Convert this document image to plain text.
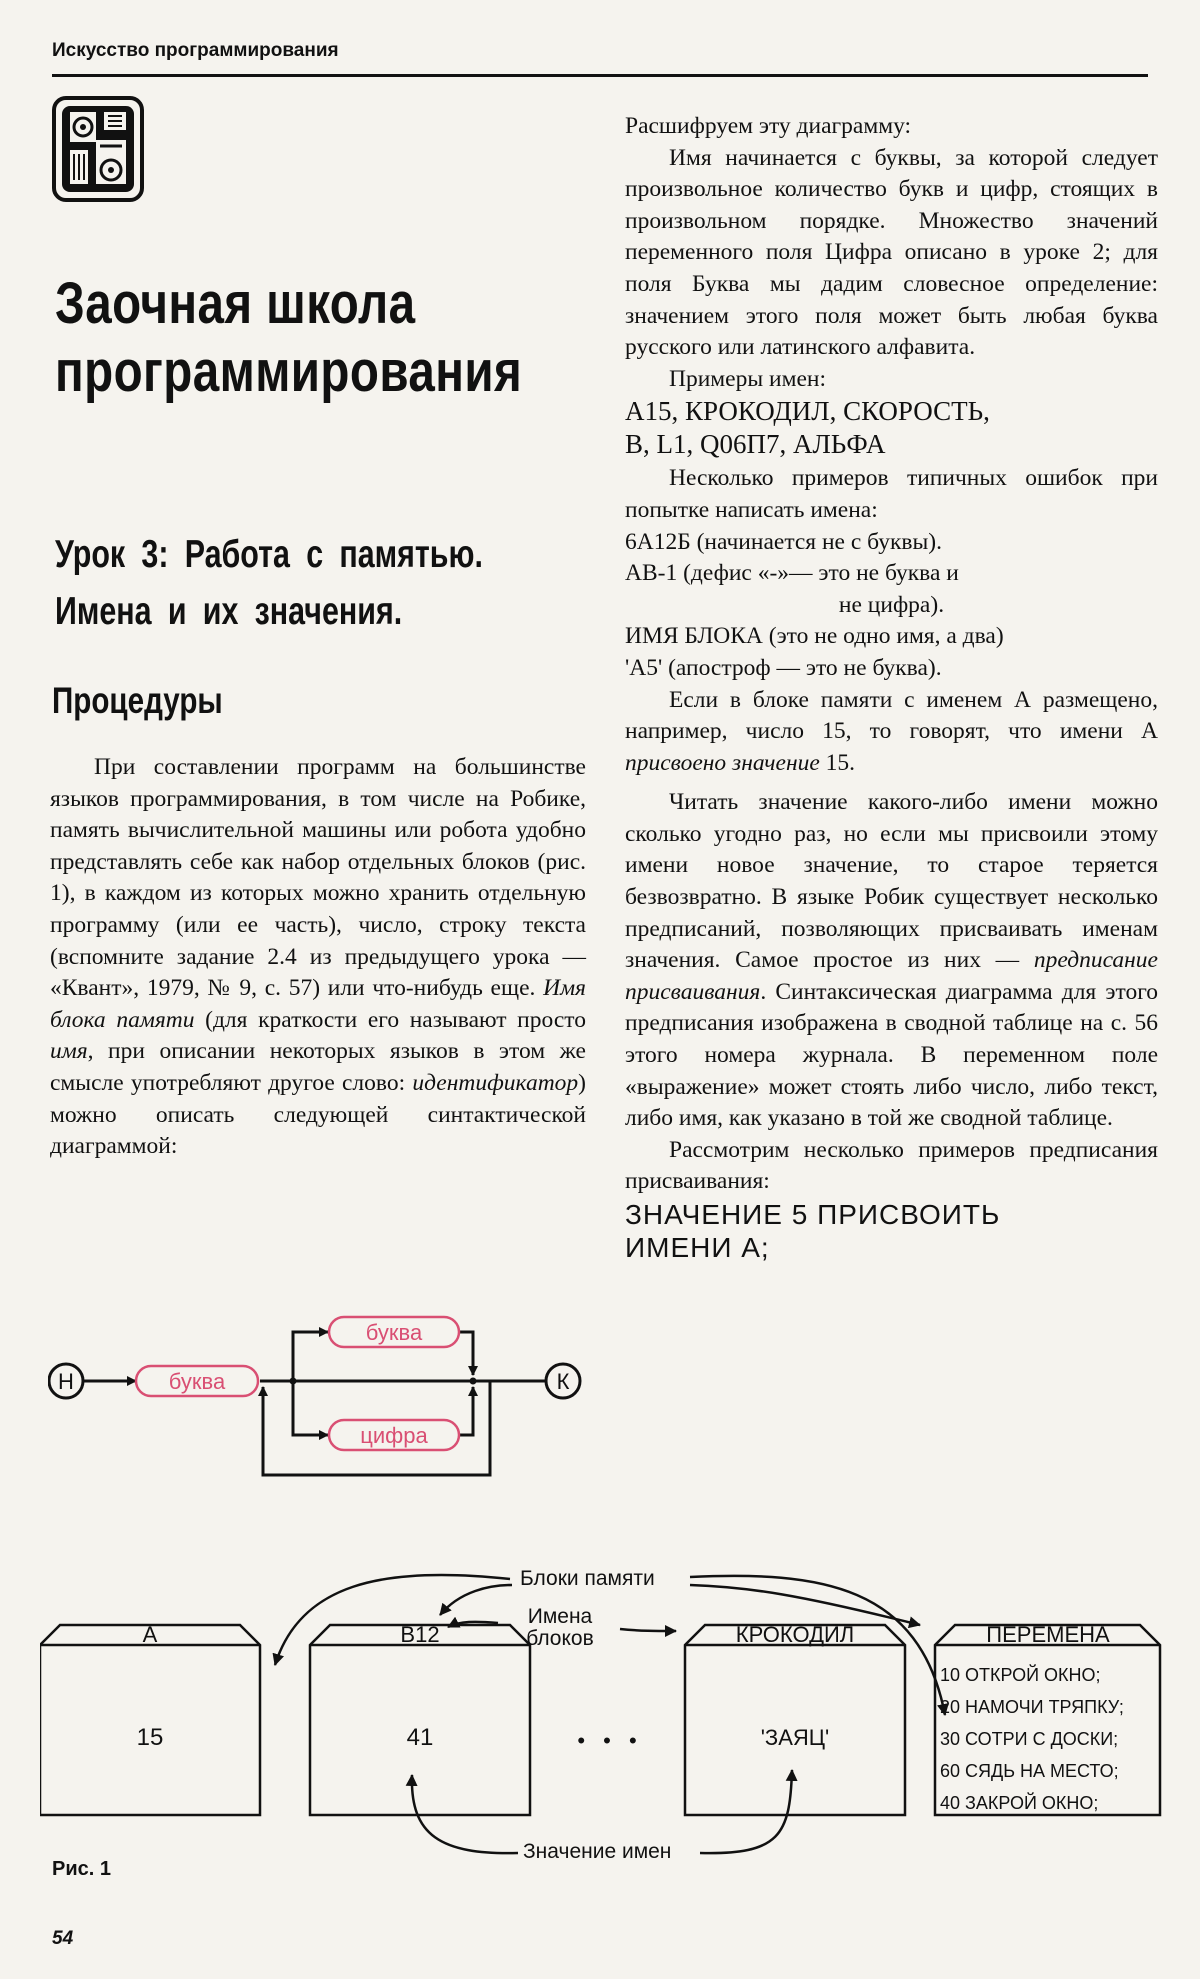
Искусство программирования
Заочная школа
программирования
Урок 3: Работа с памятью.
Имена и их значения.
Процедуры

При составлении программ на большинстве языков программирования, в том числе на Робике, память вычислительной машины или робота удобно представлять себе как набор отдельных блоков (рис. 1), в каждом из которых можно хранить отдельную программу (или ее часть), число, строку текста (вспомните задание 2.4 из предыдущего урока — «Квант», 1979, № 9, с. 57) или что-нибудь еще. Имя блока памяти (для краткости его называют просто имя, при описании некоторых языков в этом же смысле употребляют другое слово: идентификатор) можно описать следующей синтактической диаграммой:

Н	К
буква
буква
цифра

Расшифруем эту диаграмму:

Имя начинается с буквы, за которой следует произвольное количество букв и цифр, стоящих в произвольном порядке. Множество значений переменного поля Цифра описано в уроке 2; для поля Буква мы дадим словесное определение: значением этого поля может быть любая буква русского или латинского алфавита.

Примеры имен:

A15, КРОКОДИЛ, СКОРОСТЬ,

B, L1, Q06П7, АЛЬФА

Несколько примеров типичных ошибок при попытке написать имена:

6А12Б (начинается не с буквы).

АВ-1 (дефис «-»— это не буква и

не цифра).

ИМЯ БЛОКА (это не одно имя, а два)

'А5' (апостроф — это не буква).

Если в блоке памяти с именем А размещено, например, число 15, то говорят, что имени А присвоено значение 15.

Читать значение какого-либо имени можно сколько угодно раз, но если мы присвоили этому имени новое значение, то старое теряется безвозвратно. В языке Робик существует несколько предписаний, позволяющих присваивать именам значения. Самое простое из них — предписание присваивания. Синтаксическая диаграмма для этого предписания изображена в сводной таблице на с. 56 этого номера журнала. В переменном поле «выражение» может стоять либо число, либо текст, либо имя, как указано в той же сводной таблице.

Рассмотрим несколько примеров предписания присваивания:

ЗНАЧЕНИЕ 5 ПРИСВОИТЬ

ИМЕНИ А;

А
15
В12
41	• • •
КРОКОДИЛ
'ЗАЯЦ'
ПЕРЕМЕНА
10 ОТКРОЙ ОКНО;
20 НАМОЧИ ТРЯПКУ;
30 СОТРИ С ДОСКИ;
60 СЯДЬ НА МЕСТО;
40 ЗАКРОЙ ОКНО;
Блоки памяти
Имена
блоков
Значение имен
Рис. 1
54
